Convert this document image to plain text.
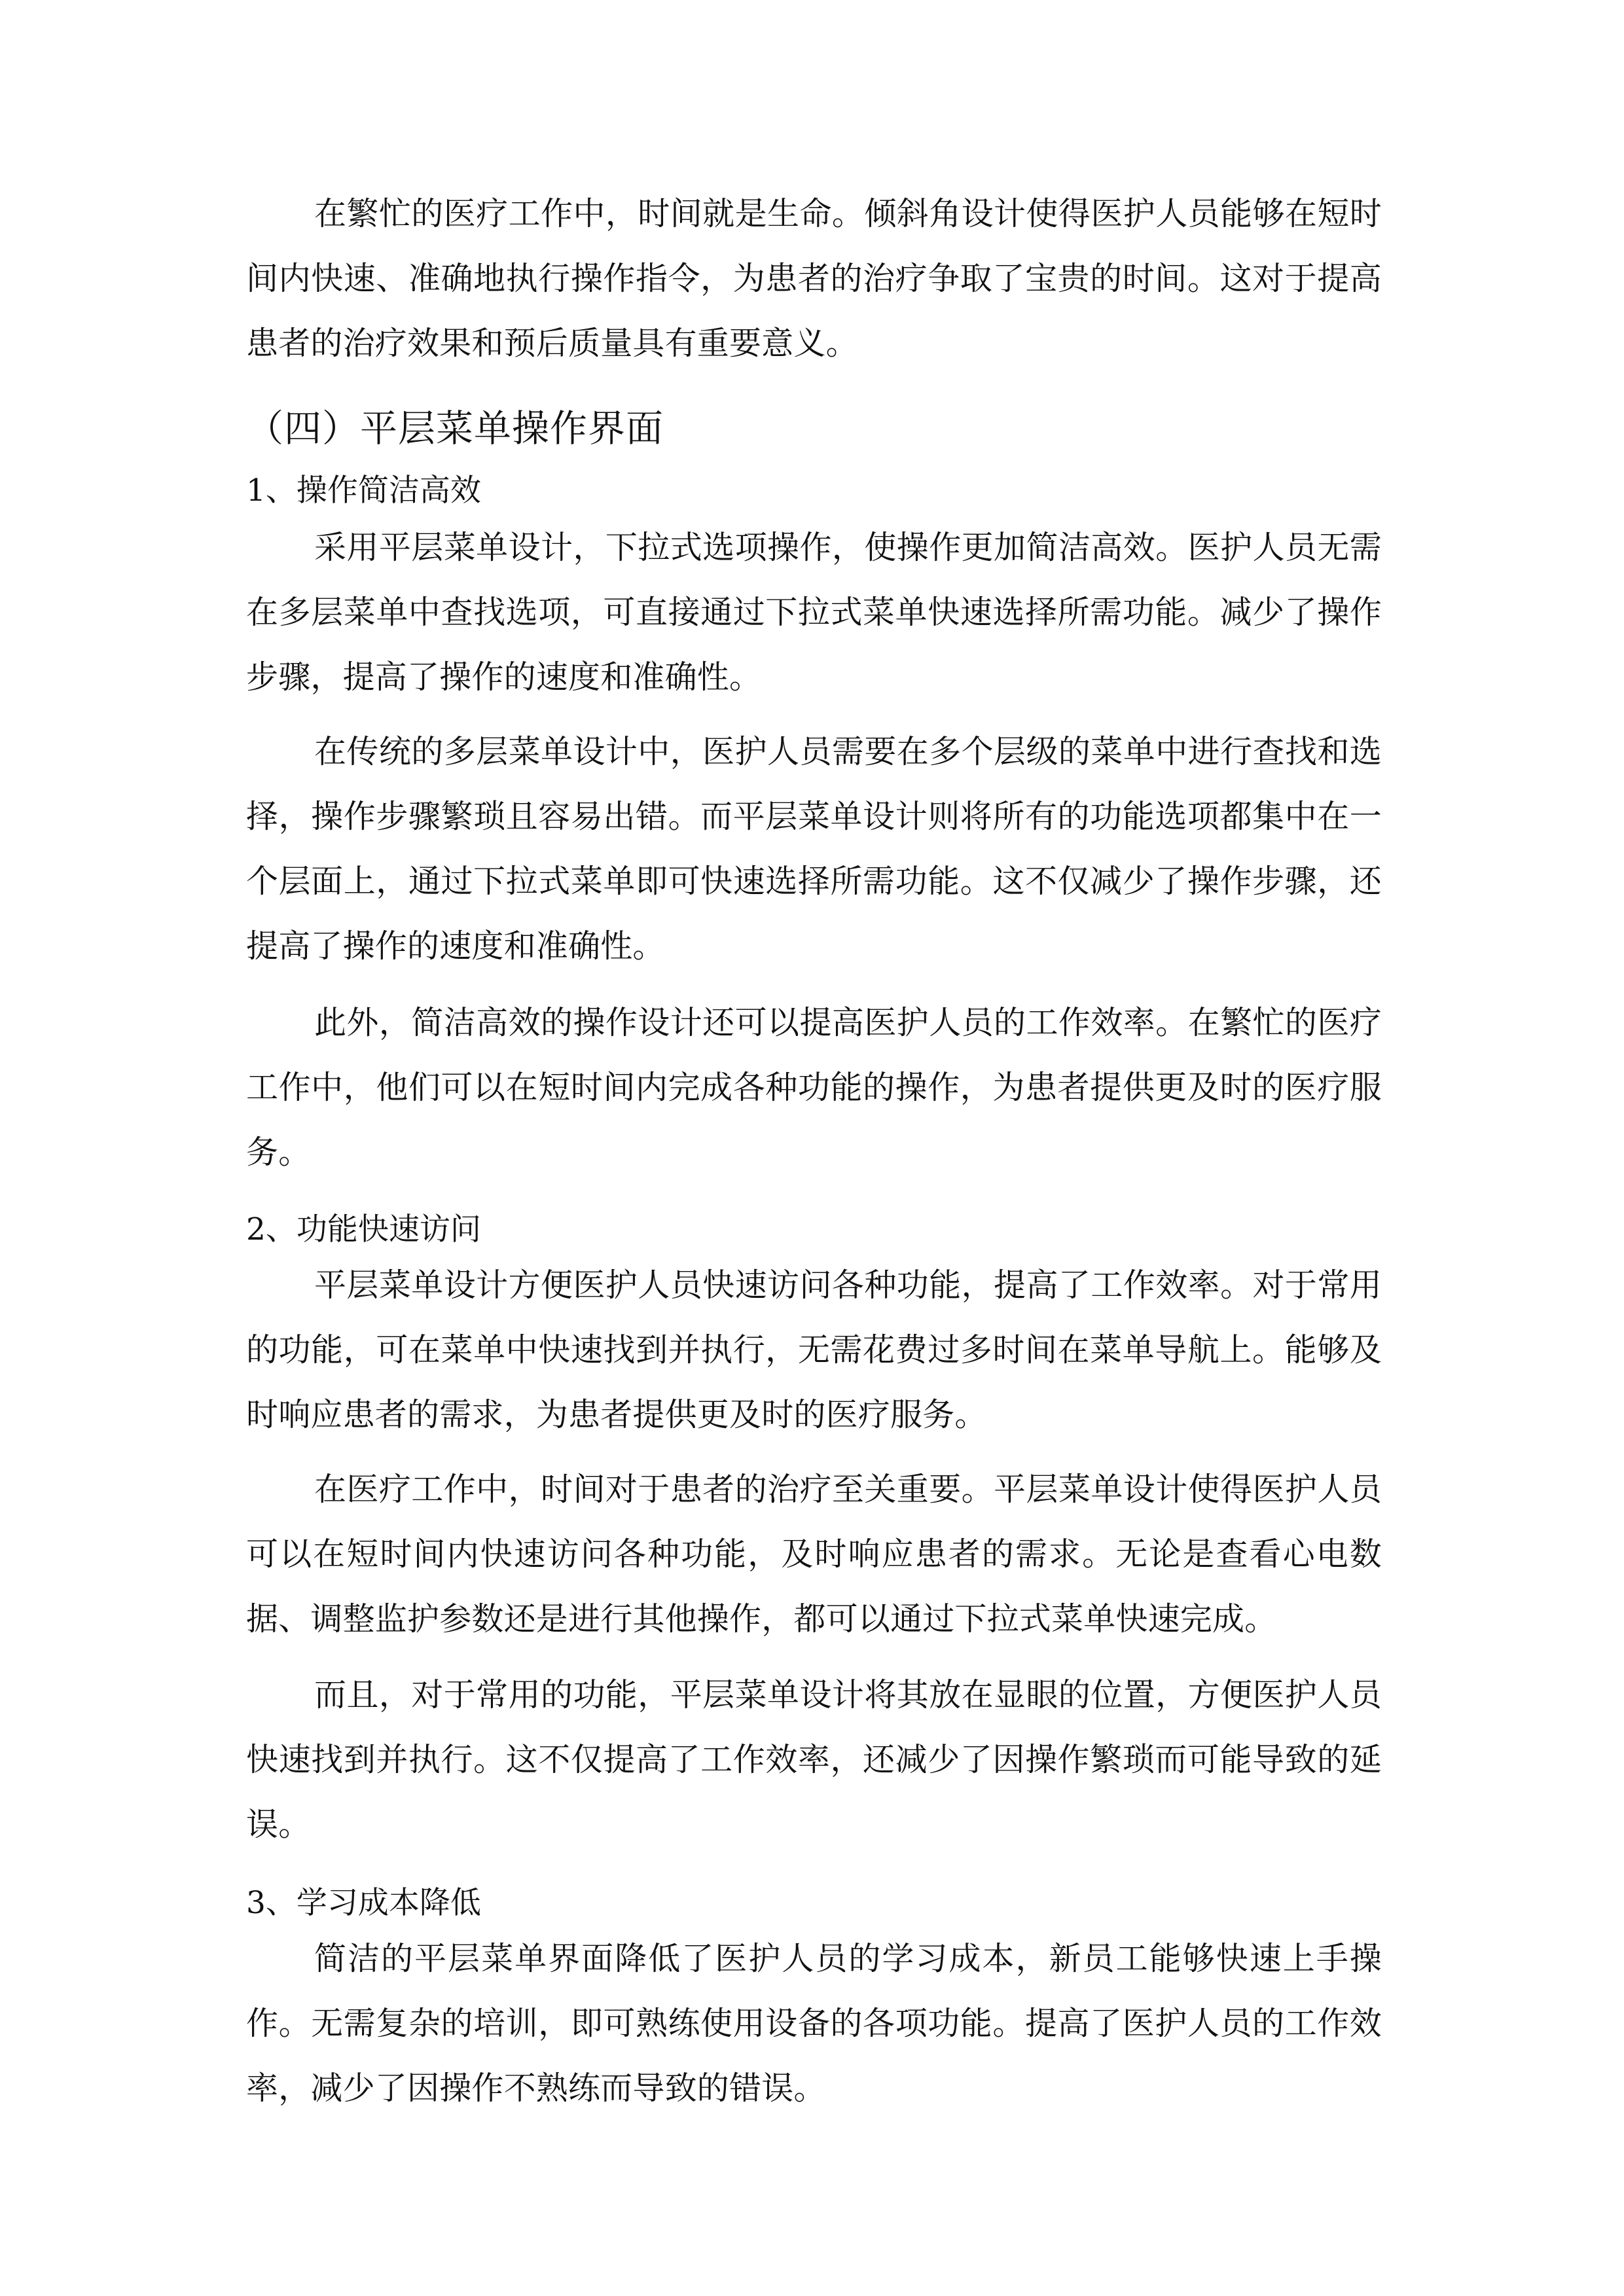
在繁忙的医疗工作中，时间就是生命。倾斜角设计使得医护人员能够在短时间内快速、准确地执行操作指令，为患者的治疗争取了宝贵的时间。这对于提高患者的治疗效果和预后质量具有重要意义。

（四）平层菜单操作界面
1、操作简洁高效

采用平层菜单设计，下拉式选项操作，使操作更加简洁高效。医护人员无需在多层菜单中查找选项，可直接通过下拉式菜单快速选择所需功能。减少了操作步骤，提高了操作的速度和准确性。

在传统的多层菜单设计中，医护人员需要在多个层级的菜单中进行查找和选择，操作步骤繁琐且容易出错。而平层菜单设计则将所有的功能选项都集中在一个层面上，通过下拉式菜单即可快速选择所需功能。这不仅减少了操作步骤，还提高了操作的速度和准确性。

此外，简洁高效的操作设计还可以提高医护人员的工作效率。在繁忙的医疗工作中，他们可以在短时间内完成各种功能的操作，为患者提供更及时的医疗服务。

2、功能快速访问

平层菜单设计方便医护人员快速访问各种功能，提高了工作效率。对于常用的功能，可在菜单中快速找到并执行，无需花费过多时间在菜单导航上。能够及时响应患者的需求，为患者提供更及时的医疗服务。

在医疗工作中，时间对于患者的治疗至关重要。平层菜单设计使得医护人员可以在短时间内快速访问各种功能，及时响应患者的需求。无论是查看心电数据、调整监护参数还是进行其他操作，都可以通过下拉式菜单快速完成。

而且，对于常用的功能，平层菜单设计将其放在显眼的位置，方便医护人员快速找到并执行。这不仅提高了工作效率，还减少了因操作繁琐而可能导致的延误。

3、学习成本降低

简洁的平层菜单界面降低了医护人员的学习成本，新员工能够快速上手操作。无需复杂的培训，即可熟练使用设备的各项功能。提高了医护人员的工作效率，减少了因操作不熟练而导致的错误。
